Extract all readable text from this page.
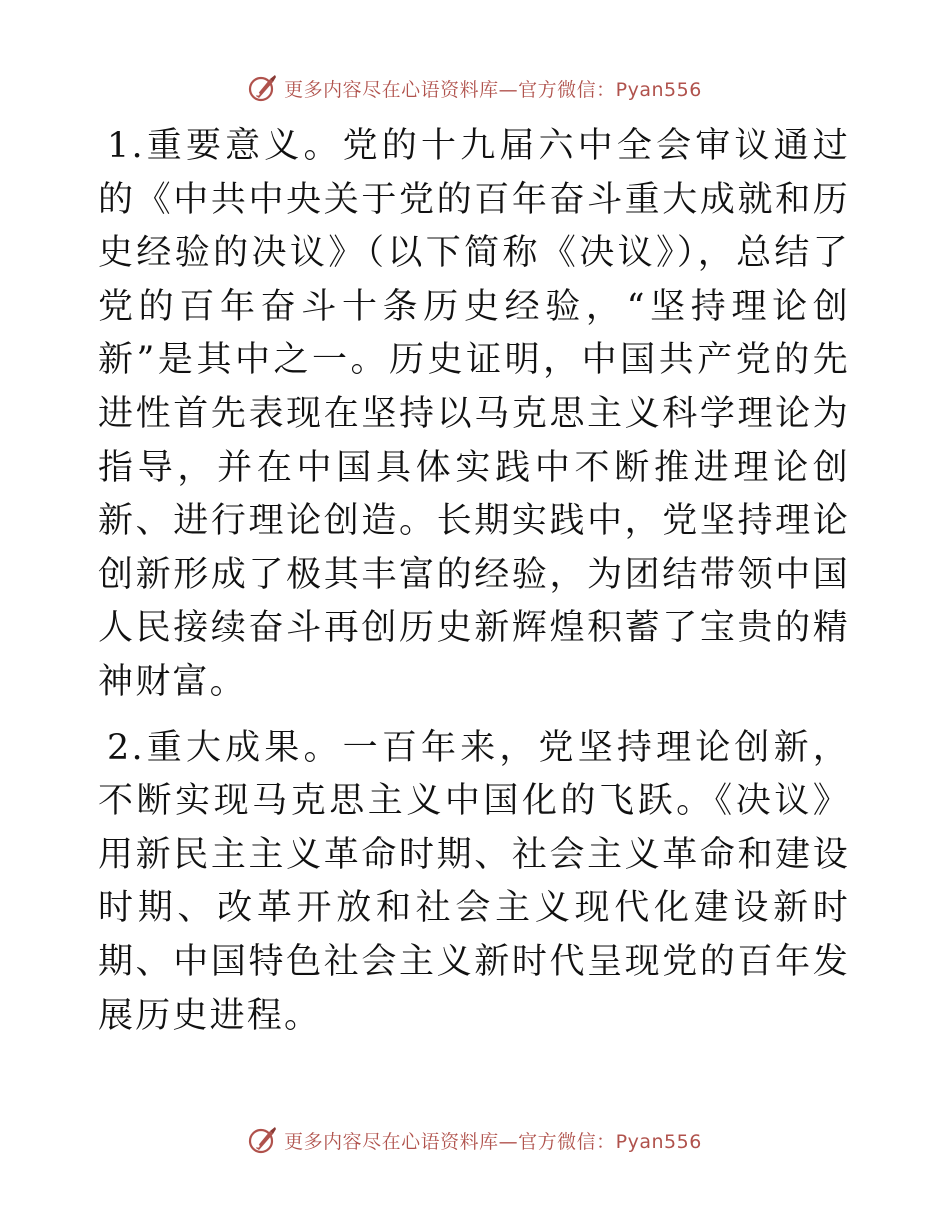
更多内容尽在心语资料库—官方微信：Pyan556

1.重要意义。党的十九届六中全会审议通过的《中共中央关于党的百年奋斗重大成就和历史经验的决议》（以下简称《决议》），总结了党的百年奋斗十条历史经验，“坚持理论创新”是其中之一。历史证明，中国共产党的先进性首先表现在坚持以马克思主义科学理论为指导，并在中国具体实践中不断推进理论创新、进行理论创造。长期实践中，党坚持理论创新形成了极其丰富的经验，为团结带领中国人民接续奋斗再创历史新辉煌积蓄了宝贵的精神财富。

2.重大成果。一百年来，党坚持理论创新，不断实现马克思主义中国化的飞跃。《决议》用新民主主义革命时期、社会主义革命和建设时期、改革开放和社会主义现代化建设新时期、中国特色社会主义新时代呈现党的百年发展历史进程。

更多内容尽在心语资料库—官方微信：Pyan556
